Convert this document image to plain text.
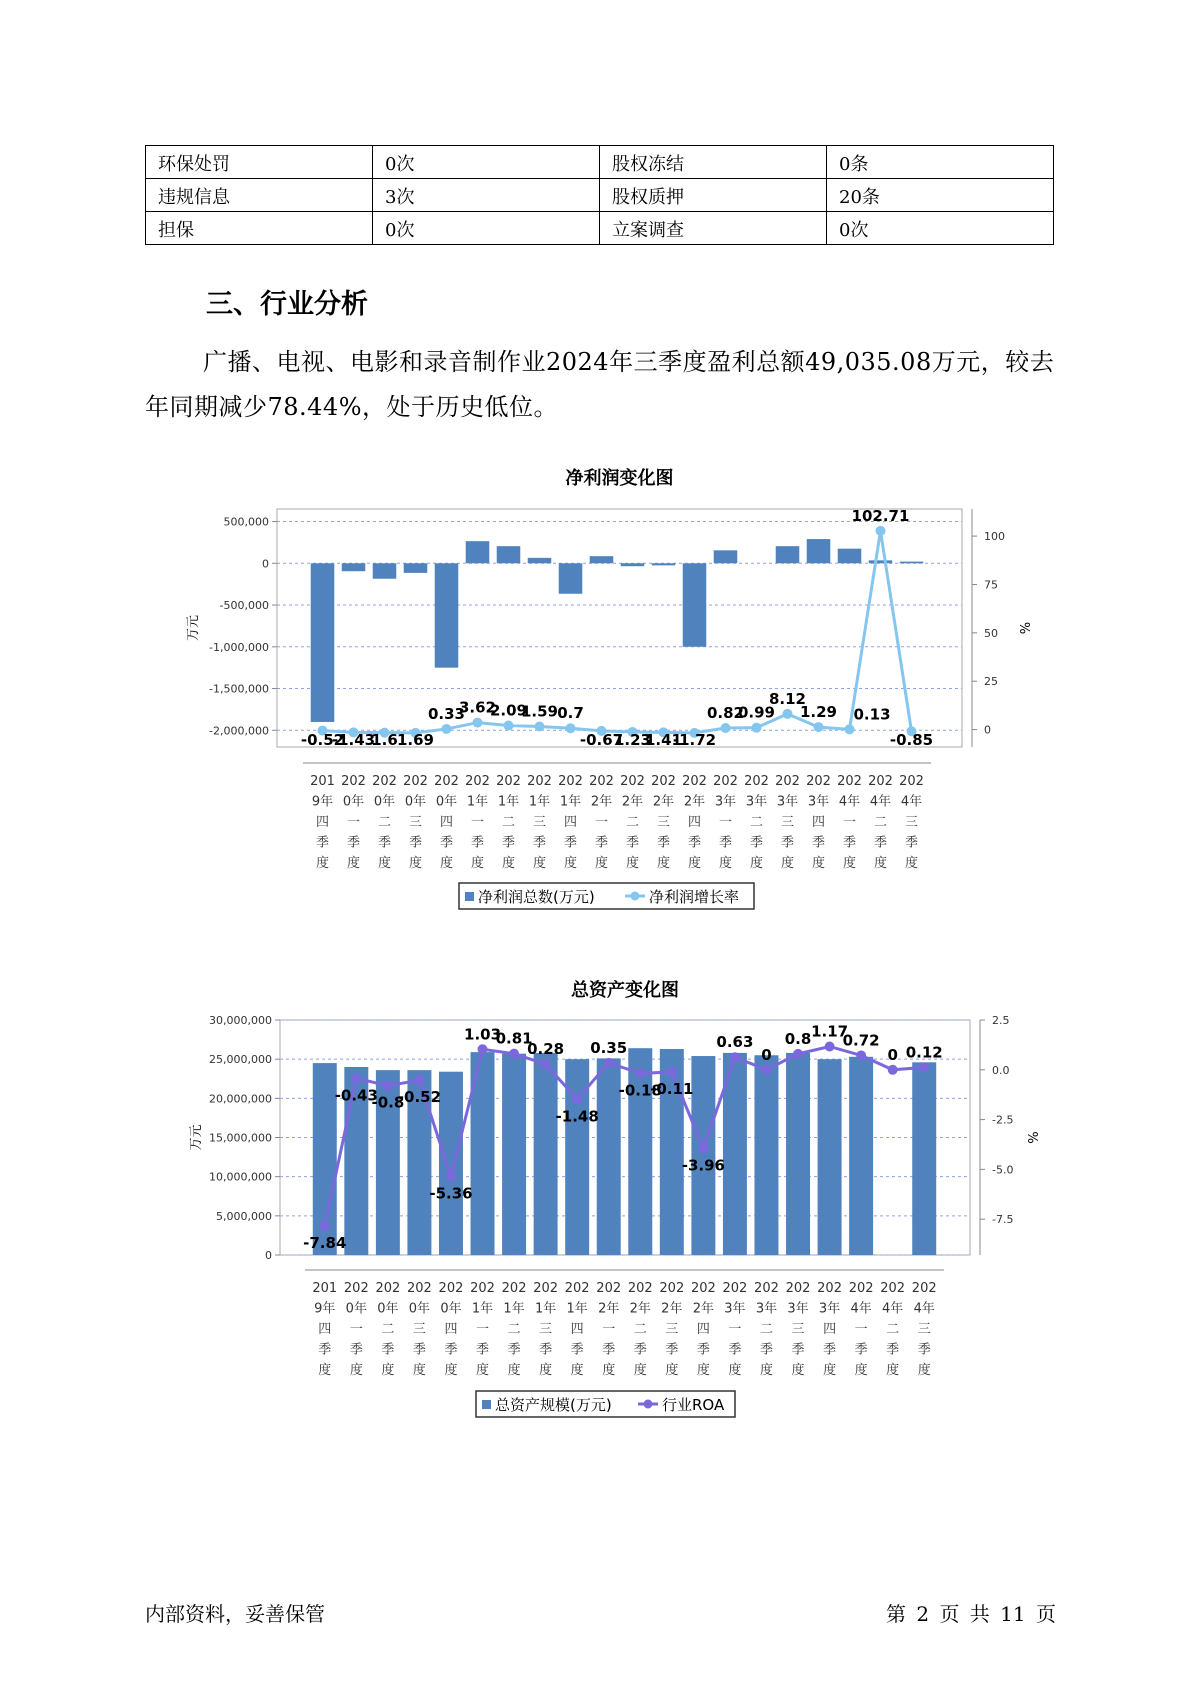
环保处罚	0次	股权冻结	0条
违规信息	3次	股权质押	20条
担保	0次	立案调查	0次
三、行业分析

广播、电视、电影和录音制作业2024年三季度盈利总额49,035.08万元，较去年同期减少78.44%，处于历史低位。

净利润变化图
500,000
0
-500,000
-1,000,000
-1,500,000
-2,000,000
万元
100
75
50
25
0
%
-0.52
-1.43
1.6 1.69
0.33
3.62
2.09
1.59 0.7
-0.67
1.23
1.41
-1.72
0.82
0.99
8.12
1.29 0.13
102.71
-0.85
201
9年
四
季
度
202
0年
一
季
度
202
0年
二
季
度
202
0年
三
季
度
202
0年
四
季
度
202
1年
一
季
度
202
1年
二
季
度
202
1年
三
季
度
202
1年
四
季
度
202
2年
一
季
度
202
2年
二
季
度
202
2年
三
季
度
202
2年
四
季
度
202
3年
一
季
度
202
3年
二
季
度
202
3年
三
季
度
202
3年
四
季
度
202
4年
一
季
度
202
4年
二
季
度
202
4年
三
季
度
净利润总数(万元)	净利润增长率
总资产变化图
30,000,000
25,000,000
20,000,000
15,000,000
10,000,000
5,000,000
0
万元
2.5
0.0
-2.5
-5.0
-7.5
%
-7.84
-0.43
-0.8
-0.52
-5.36
1.03
0.81
0.28
-1.48
0.35
-0.18
-0.11
-3.96
0.63
0
0.8 1.17
0.72
0 0.12
201
9年
四
季
度
202
0年
一
季
度
202
0年
二
季
度
202
0年
三
季
度
202
0年
四
季
度
202
1年
一
季
度
202
1年
二
季
度
202
1年
三
季
度
202
1年
四
季
度
202
2年
一
季
度
202
2年
二
季
度
202
2年
三
季
度
202
2年
四
季
度
202
3年
一
季
度
202
3年
二
季
度
202
3年
三
季
度
202
3年
四
季
度
202
4年
一
季
度
202
4年
二
季
度
202
4年
三
季
度
总资产规模(万元)	行业ROA
内部资料，妥善保管	第 2 页 共 11 页
